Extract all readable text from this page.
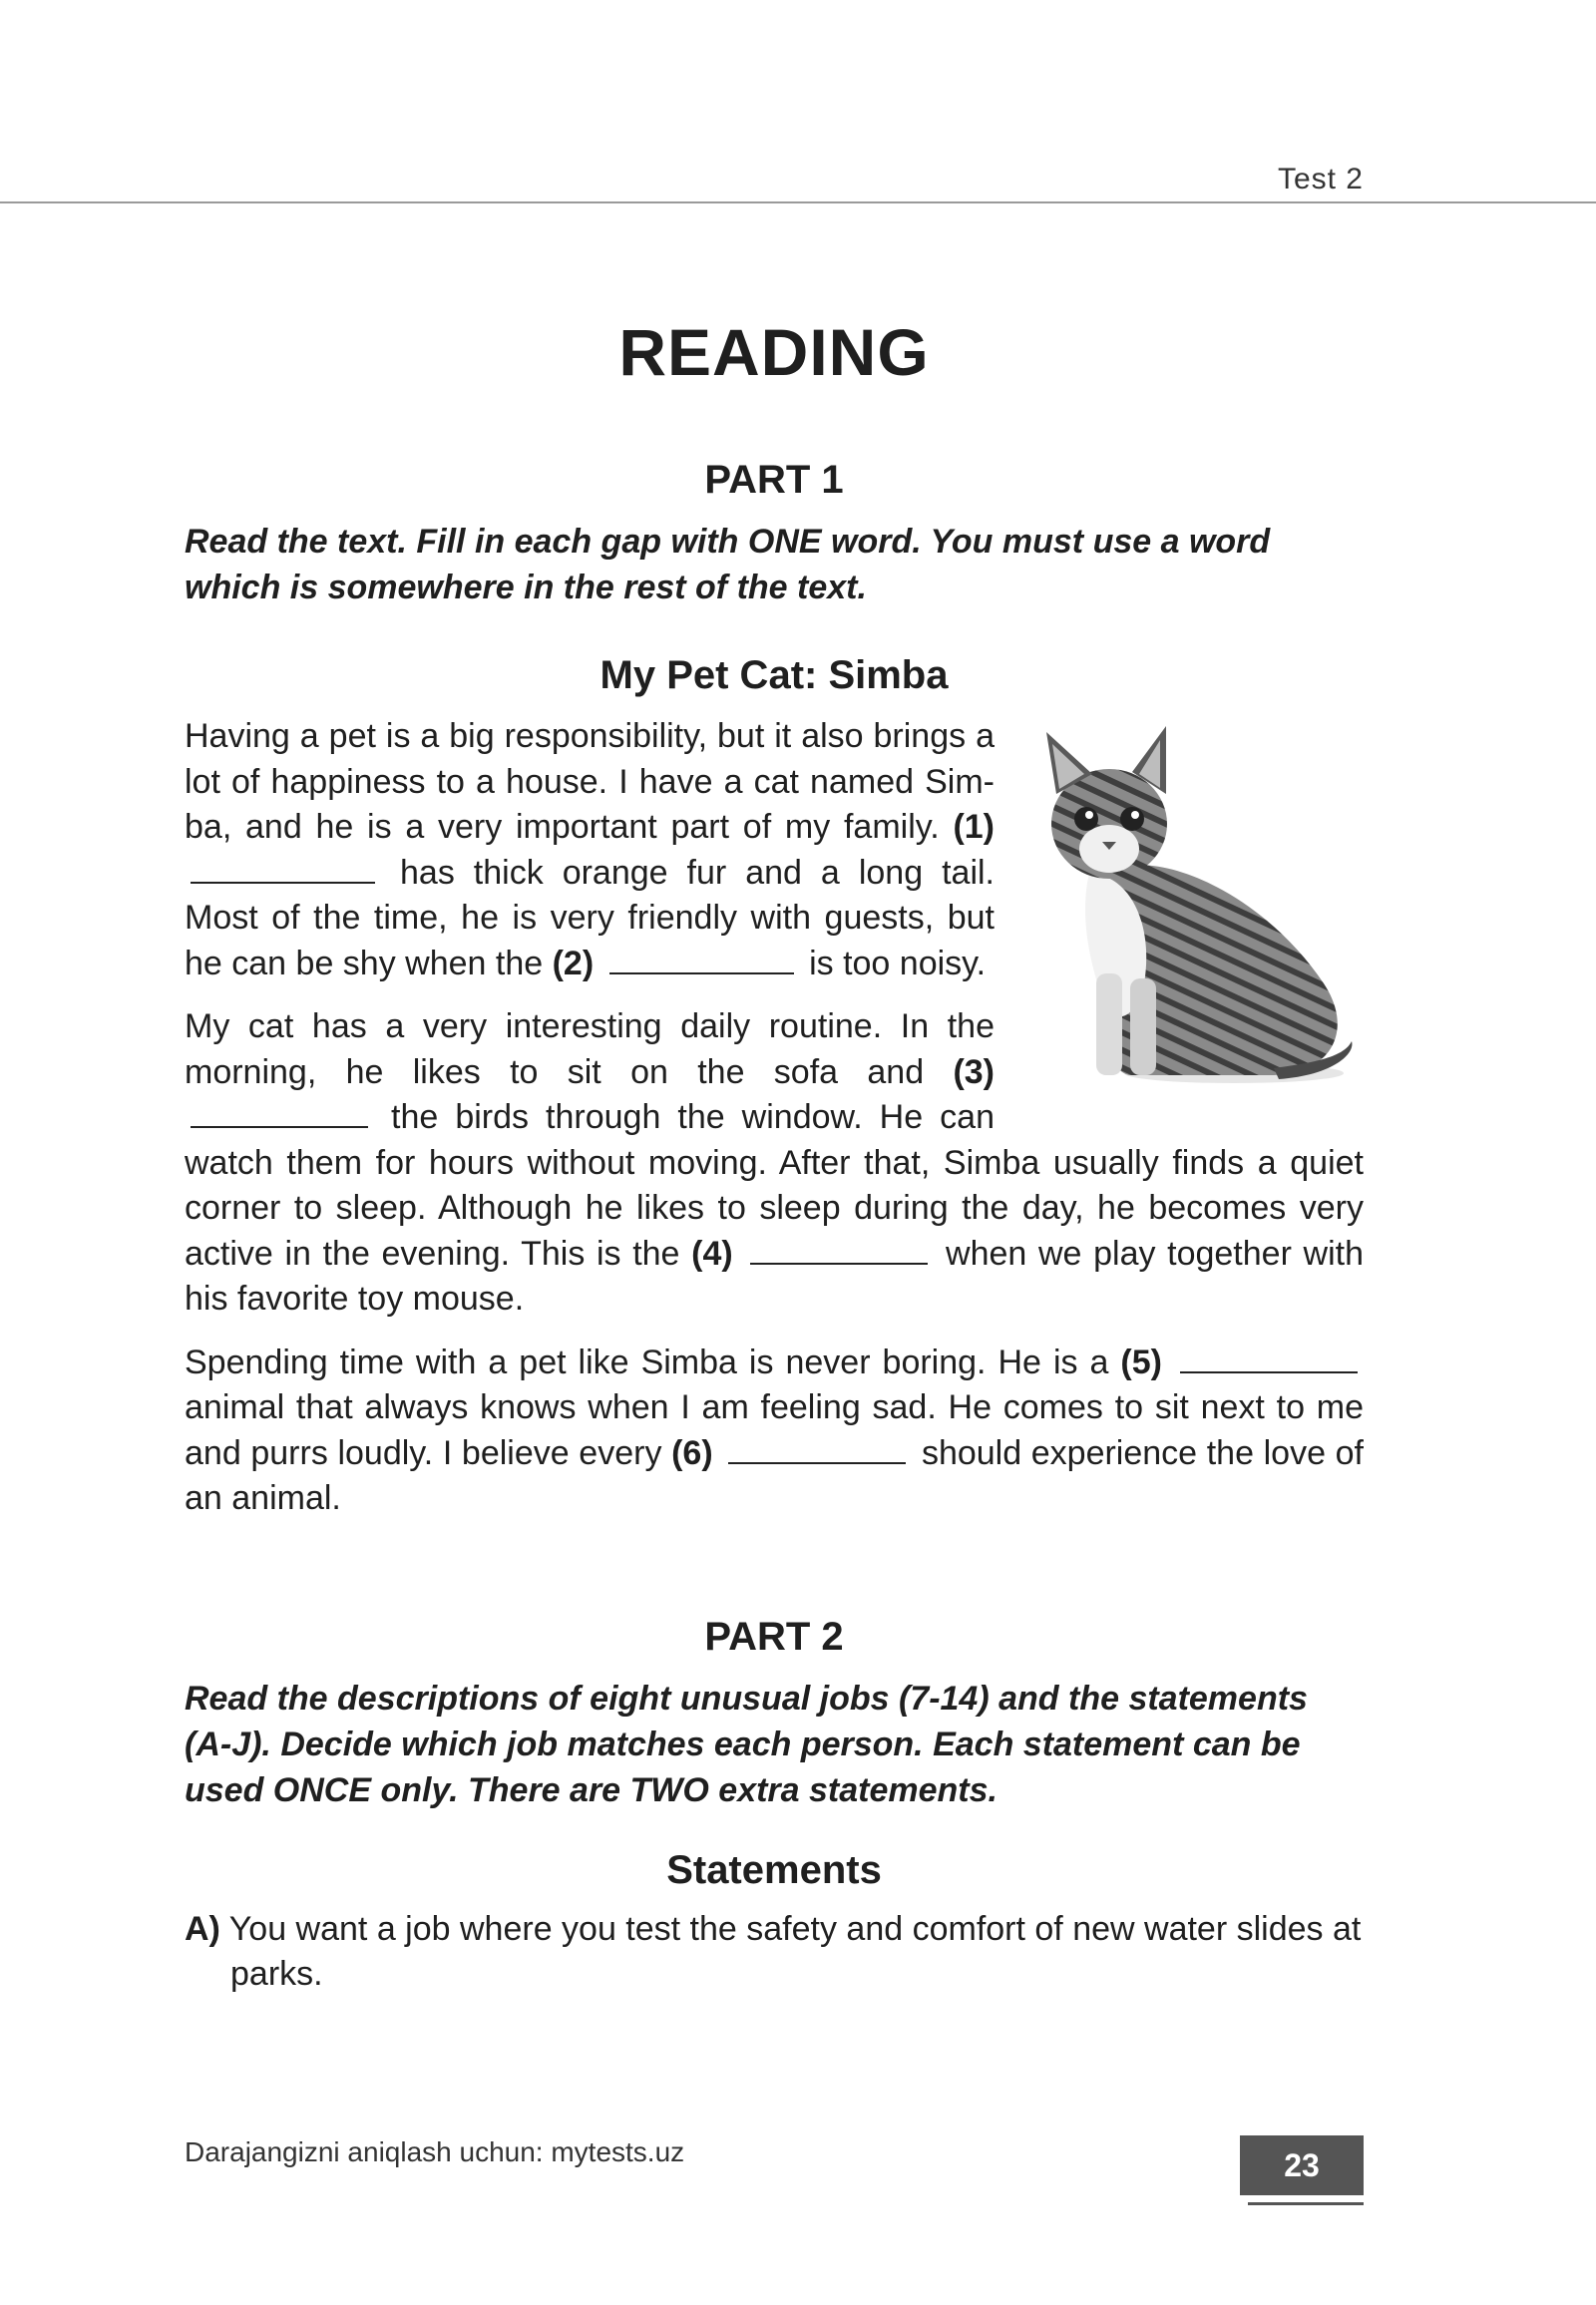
Test 2
READING
PART 1

Read the text. Fill in each gap with ONE word. You must use a word which is somewhere in the rest of the text.

My Pet Cat: Simba

Having a pet is a big responsibility, but it also brings a lot of happiness to a house. I have a cat named Simba, and he is a very important part of my family. (1)  has thick orange fur and a long tail. Most of the time, he is very friendly with guests, but he can be shy when the (2)	is too noisy.

My cat has a very interesting daily routine. In the morning, he likes to sit on the sofa and (3)  the birds through the window. He can watch them for hours without moving. After that, Simba usually finds a quiet corner to sleep. Although he likes to sleep during the day, he becomes very active in the evening. This is the (4)	when we play together with his favorite toy mouse.

Spending time with a pet like Simba is never boring. He is a (5)  animal that always knows when I am feeling sad. He comes to sit next to me and purrs loudly. I believe every (6)	should experience the love of an animal.

PART 2

Read the descriptions of eight unusual jobs (7-14) and the statements (A-J). Decide which job matches each person. Each statement can be used ONCE only. There are TWO extra statements.

Statements

A) You want a job where you test the safety and comfort of new water slides at parks.

Darajangizni aniqlash uchun: mytests.uz	23
